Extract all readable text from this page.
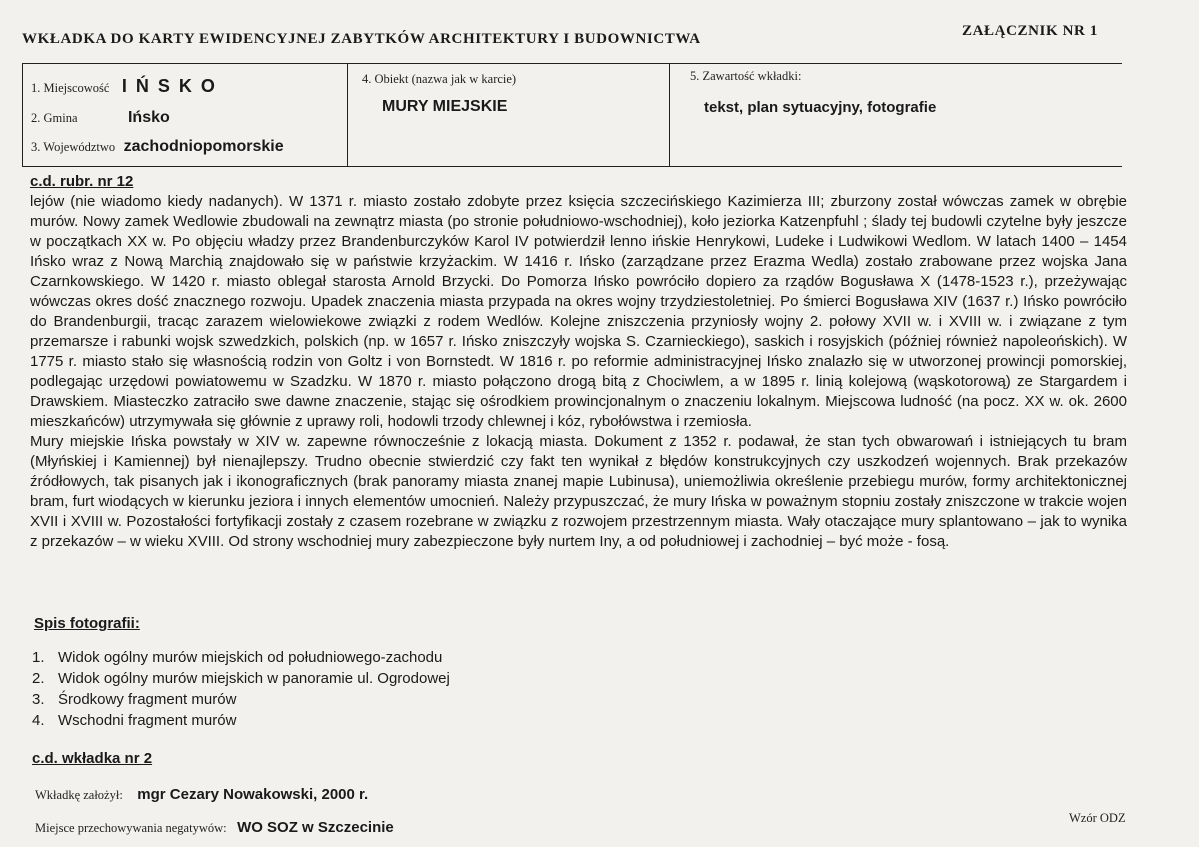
WKŁADKA DO KARTY EWIDENCYJNEJ ZABYTKÓW ARCHITEKTURY I BUDOWNICTWA	ZAŁĄCZNIK NR 1
1. Miejscowość I Ń S K O
2. Gmina	Ińsko
3. Województwo zachodniopomorskie
4. Obiekt (nazwa jak w karcie)
MURY MIEJSKIE
5. Zawartość wkładki:
tekst, plan sytuacyjny, fotografie
c.d. rubr. nr 12

lejów (nie wiadomo kiedy nadanych). W 1371 r. miasto zostało zdobyte przez księcia szczecińskiego Kazimierza III; zburzony został wówczas zamek w obrębie murów. Nowy zamek Wedlowie zbudowali na zewnątrz miasta (po stronie południowo-wschodniej), koło jeziorka Katzenpfuhl ; ślady tej budowli czytelne były jeszcze w początkach XX w. Po objęciu władzy przez Brandenburczyków Karol IV potwierdził lenno ińskie Henrykowi, Ludeke i Ludwikowi Wedlom. W latach 1400 – 1454 Ińsko wraz z Nową Marchią znajdowało się w państwie krzyżackim. W 1416 r. Ińsko (zarządzane przez Erazma Wedla) zostało zrabowane przez wojska Jana Czarnkowskiego. W 1420 r. miasto oblegał starosta Arnold Brzycki. Do Pomorza Ińsko powróciło dopiero za rządów Bogusława X (1478-1523 r.), przeżywając wówczas okres dość znacznego rozwoju. Upadek znaczenia miasta przypada na okres wojny trzydziestoletniej. Po śmierci Bogusława XIV (1637 r.) Ińsko powróciło do Brandenburgii, tracąc zarazem wielowiekowe związki z rodem Wedlów. Kolejne zniszczenia przyniosły wojny 2. połowy XVII w. i XVIII w. i związane z tym przemarsze i rabunki wojsk szwedzkich, polskich (np. w 1657 r. Ińsko zniszczyły wojska S. Czarnieckiego), saskich i rosyjskich (później również napoleońskich). W 1775 r. miasto stało się własnością rodzin von Goltz i von Bornstedt. W 1816 r. po reformie administracyjnej Ińsko znalazło się w utworzonej prowincji pomorskiej, podlegając urzędowi powiatowemu w Szadzku. W 1870 r. miasto połączono drogą bitą z Chociwlem, a w 1895 r. linią kolejową (wąskotorową) ze Stargardem i Drawskiem. Miasteczko zatraciło swe dawne znaczenie, stając się ośrodkiem prowincjonalnym o znaczeniu lokalnym. Miejscowa ludność (na pocz. XX w. ok. 2600 mieszkańców) utrzymywała się głównie z uprawy roli, hodowli trzody chlewnej i kóz, rybołówstwa i rzemiosła.

Mury miejskie Ińska powstały w XIV w. zapewne równocześnie z lokacją miasta. Dokument z 1352 r. podawał, że stan tych obwarowań i istniejących tu bram (Młyńskiej i Kamiennej) był nienajlepszy. Trudno obecnie stwierdzić czy fakt ten wynikał z błędów konstrukcyjnych czy uszkodzeń wojennych. Brak przekazów źródłowych, tak pisanych jak i ikonograficznych (brak panoramy miasta znanej mapie Lubinusa), uniemożliwia określenie przebiegu murów, formy architektonicznej bram, furt wiodących w kierunku jeziora i innych elementów umocnień. Należy przypuszczać, że mury Ińska w poważnym stopniu zostały zniszczone w trakcie wojen XVII i XVIII w. Pozostałości fortyfikacji zostały z czasem rozebrane w związku z rozwojem przestrzennym miasta. Wały otaczające mury splantowano – jak to wynika z przekazów – w wieku XVIII. Od strony wschodniej mury zabezpieczone były nurtem Iny, a od południowej i zachodniej – być może - fosą.

Spis fotografii:
1. Widok ogólny murów miejskich od południowego-zachodu
2. Widok ogólny murów miejskich w panoramie ul. Ogrodowej
3. Środkowy fragment murów
4. Wschodni fragment murów
c.d. wkładka nr 2
Wkładkę założył: mgr Cezary Nowakowski, 2000 r.
Miejsce przechowywania negatywów: WO SOZ w Szczecinie
Wzór ODZ
